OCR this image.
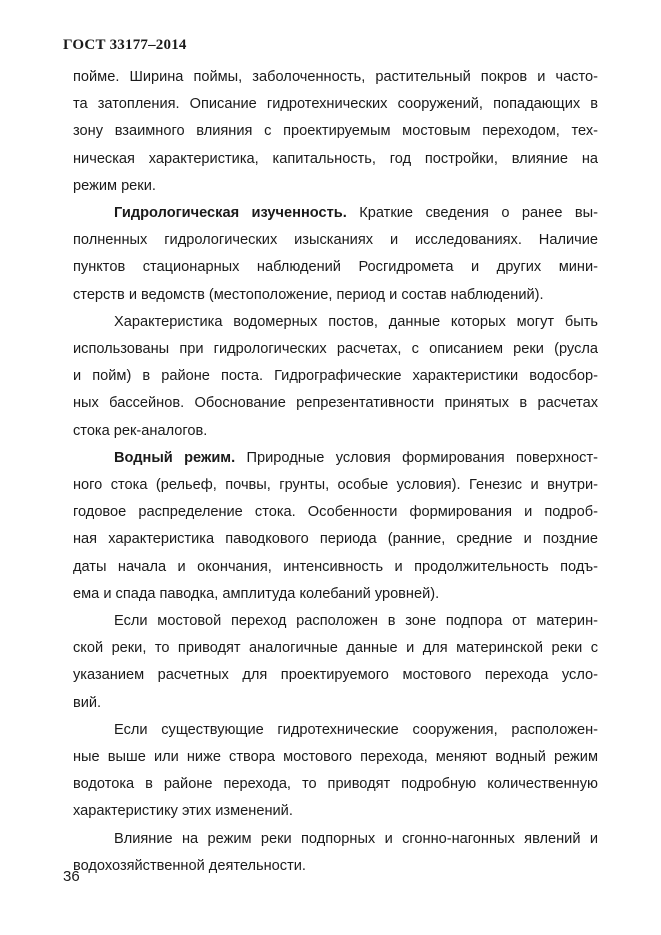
ГОСТ 33177–2014

пойме. Ширина поймы, заболоченность, растительный покров и часто-
та затопления. Описание гидротехнических сооружений, попадающих в
зону взаимного влияния с проектируемым мостовым переходом, тех-
ническая характеристика, капитальность, год постройки, влияние на
режим реки.

Гидрологическая изученность. Краткие сведения о ранее вы-
полненных гидрологических изысканиях и исследованиях. Наличие
пунктов стационарных наблюдений Росгидромета и других мини-
стерств и ведомств (местоположение, период и состав наблюдений).

Характеристика водомерных постов, данные которых могут быть
использованы при гидрологических расчетах, с описанием реки (русла
и пойм) в районе поста. Гидрографические характеристики водосбор-
ных бассейнов. Обоснование репрезентативности принятых в расчетах
стока рек-аналогов.

Водный режим. Природные условия формирования поверхност-
ного стока (рельеф, почвы, грунты, особые условия). Генезис и внутри-
годовое распределение стока. Особенности формирования и подроб-
ная характеристика паводкового периода (ранние, средние и поздние
даты начала и окончания, интенсивность и продолжительность подъ-
ема и спада паводка, амплитуда колебаний уровней).

Если мостовой переход расположен в зоне подпора от материн-
ской реки, то приводят аналогичные данные и для материнской реки с
указанием расчетных для проектируемого мостового перехода усло-
вий.

Если существующие гидротехнические сооружения, расположен-
ные выше или ниже створа мостового перехода, меняют водный режим
водотока в районе перехода, то приводят подробную количественную
характеристику этих изменений.

Влияние на режим реки подпорных и сгонно-нагонных явлений и
водохозяйственной деятельности.

36
